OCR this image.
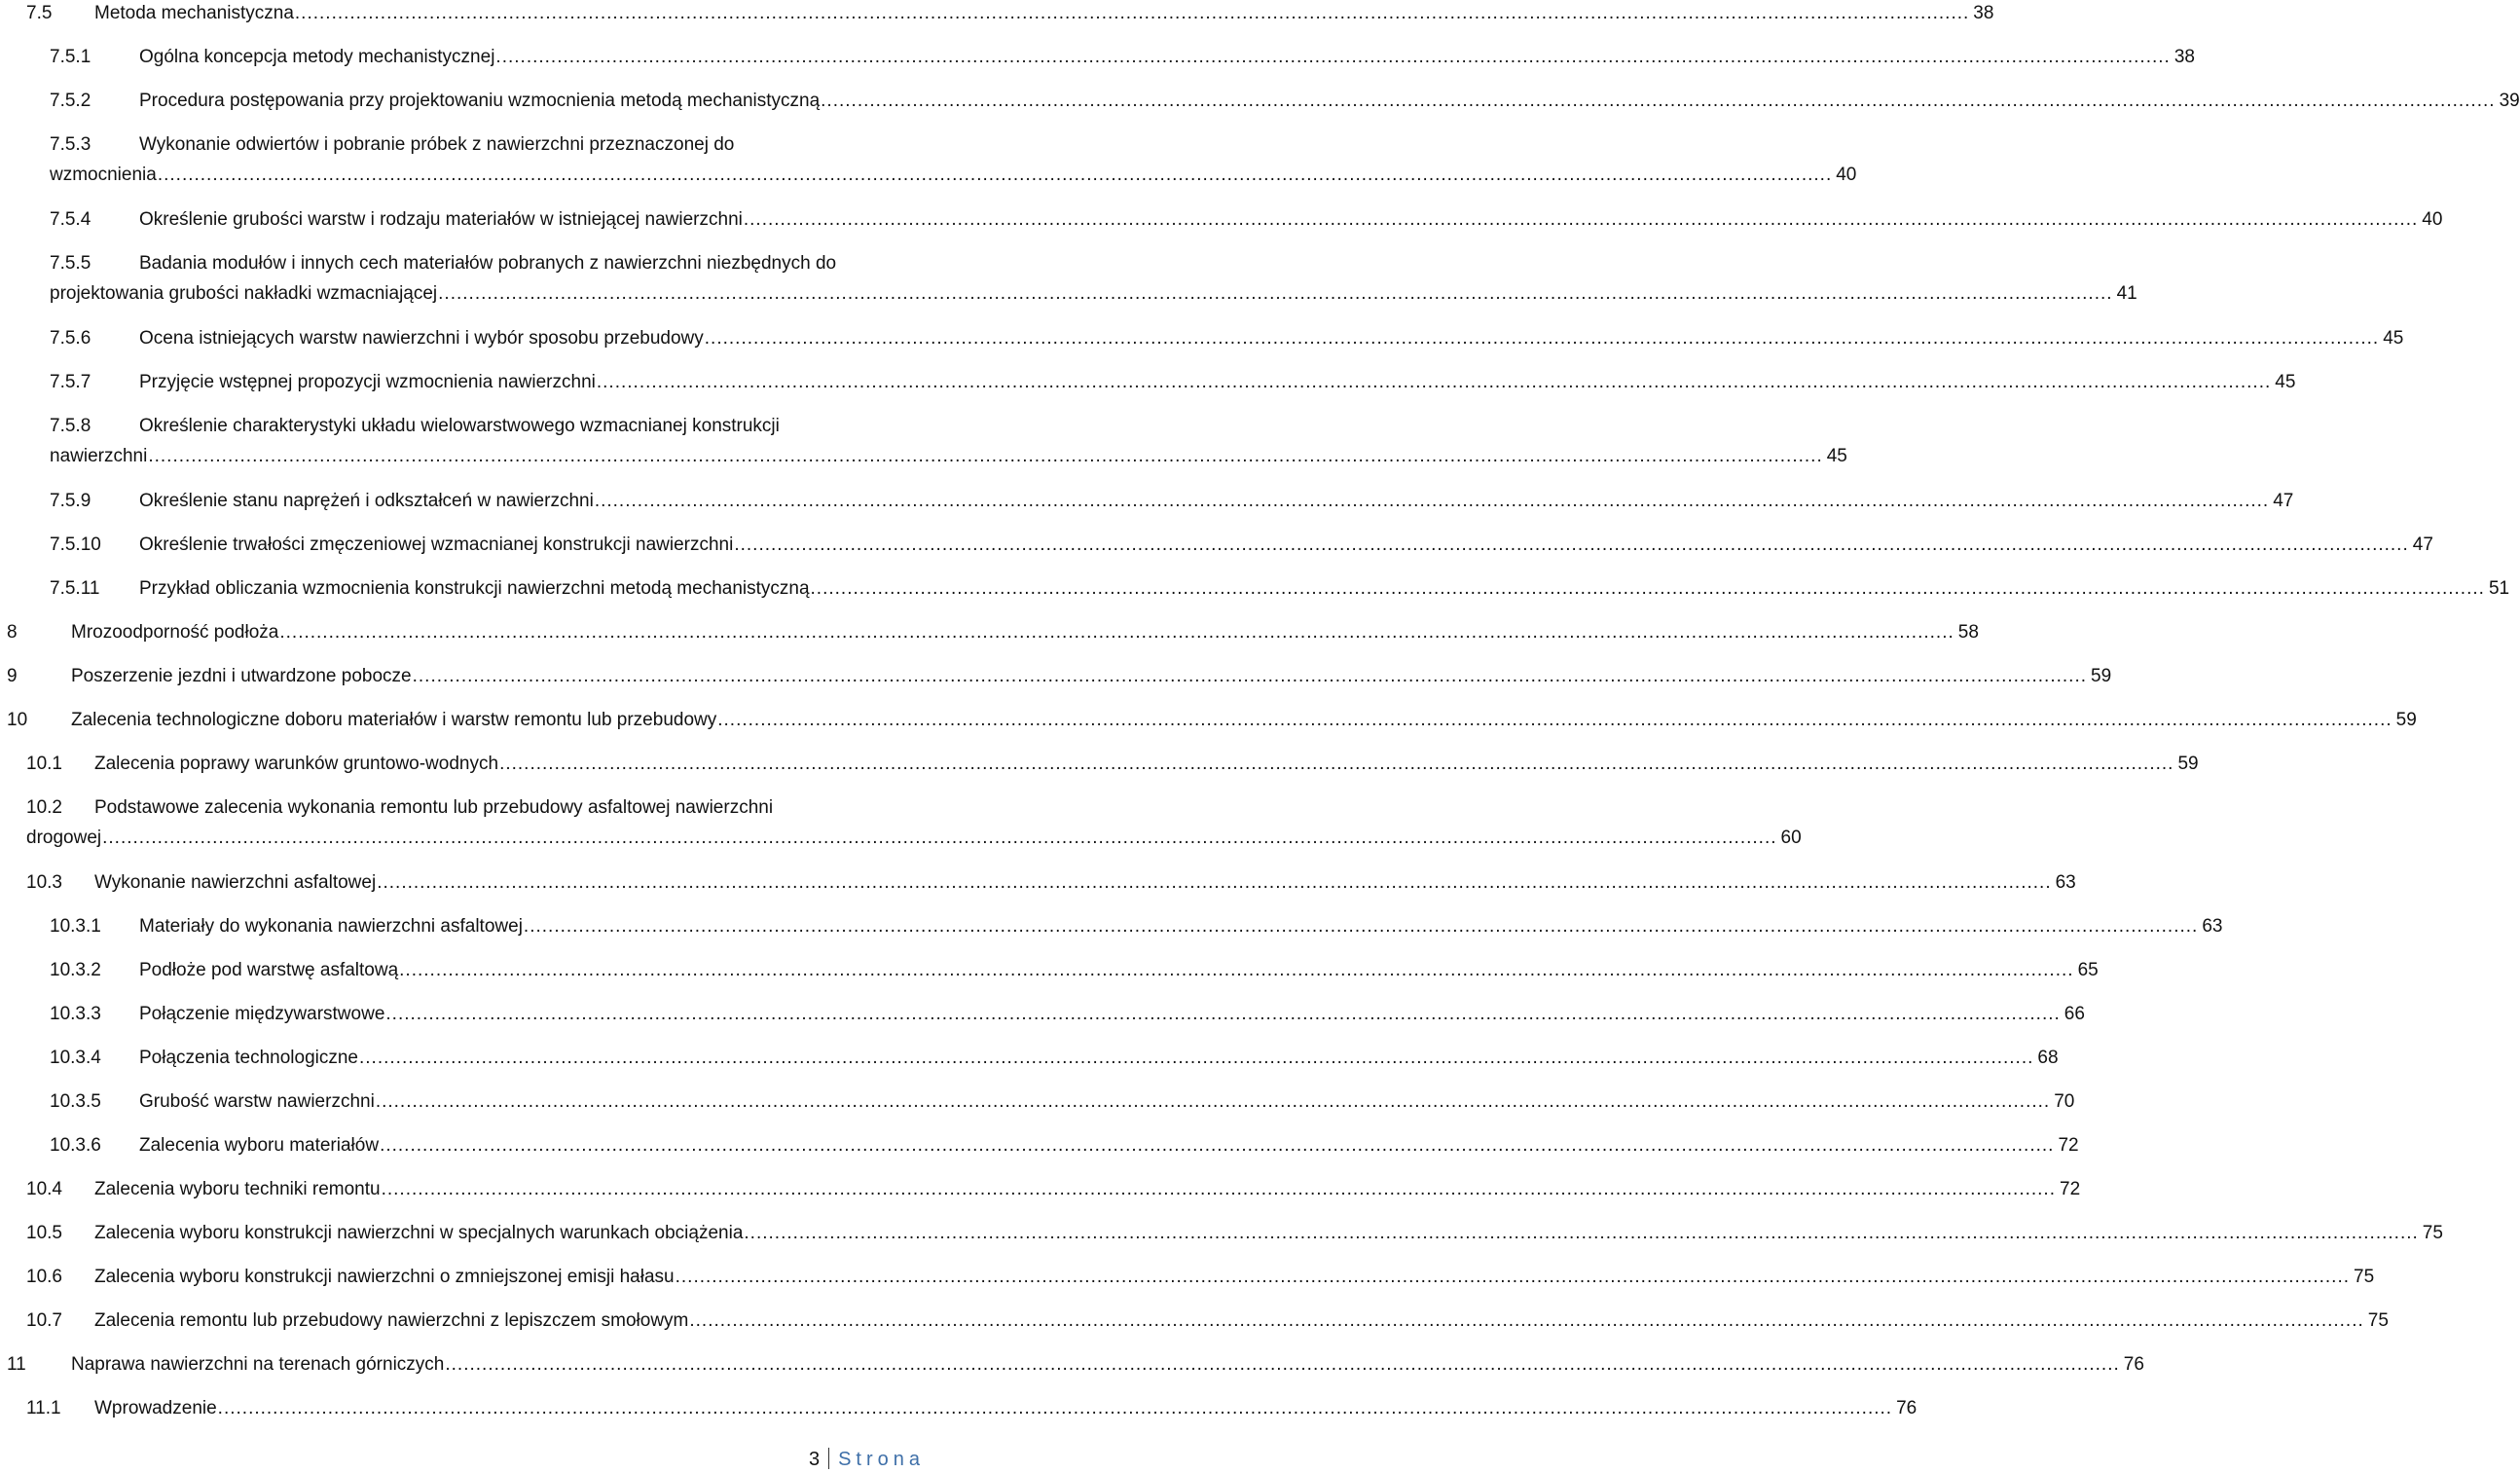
7.5	Metoda mechanistyczna .....	38
7.5.1	Ogólna koncepcja metody mechanistycznej .....	38
7.5.2	Procedura postępowania przy projektowaniu wzmocnienia metodą mechanistyczną .....	39
7.5.3	Wykonanie odwiertów i pobranie próbek z nawierzchni przeznaczonej do
wzmocnienia .....	40
7.5.4	Określenie grubości warstw i rodzaju materiałów w istniejącej nawierzchni .....	40
7.5.5	Badania modułów i innych cech materiałów pobranych z nawierzchni niezbędnych do
projektowania grubości nakładki wzmacniającej .....	41
7.5.6	Ocena istniejących warstw nawierzchni i wybór sposobu przebudowy .....	45
7.5.7	Przyjęcie wstępnej propozycji wzmocnienia nawierzchni .....	45
7.5.8	Określenie charakterystyki układu wielowarstwowego wzmacnianej konstrukcji
nawierzchni .....	45
7.5.9	Określenie stanu naprężeń i odkształceń w nawierzchni .....	47
7.5.10	Określenie trwałości zmęczeniowej wzmacnianej konstrukcji nawierzchni .....	47
7.5.11	Przykład obliczania wzmocnienia konstrukcji nawierzchni metodą mechanistyczną .....	51
8	Mrozoodporność podłoża .....	58
9	Poszerzenie jezdni i utwardzone pobocze .....	59
10	Zalecenia technologiczne doboru materiałów i warstw remontu lub przebudowy .....	59
10.1	Zalecenia poprawy warunków gruntowo-wodnych .....	59
10.2	Podstawowe zalecenia wykonania remontu lub przebudowy asfaltowej nawierzchni
drogowej .....	60
10.3	Wykonanie nawierzchni asfaltowej .....	63
10.3.1	Materiały do wykonania nawierzchni asfaltowej .....	63
10.3.2	Podłoże pod warstwę asfaltową .....	65
10.3.3	Połączenie międzywarstwowe .....	66
10.3.4	Połączenia technologiczne .....	68
10.3.5	Grubość warstw nawierzchni .....	70
10.3.6	Zalecenia wyboru materiałów .....	72
10.4	Zalecenia wyboru techniki remontu .....	72
10.5	Zalecenia wyboru konstrukcji nawierzchni w specjalnych warunkach obciążenia .....	75
10.6	Zalecenia wyboru konstrukcji nawierzchni o zmniejszonej emisji hałasu .....	75
10.7	Zalecenia remontu lub przebudowy nawierzchni z lepiszczem smołowym .....	75
11	Naprawa nawierzchni na terenach górniczych .....	76
11.1	Wprowadzenie .....	76
3 Strona
